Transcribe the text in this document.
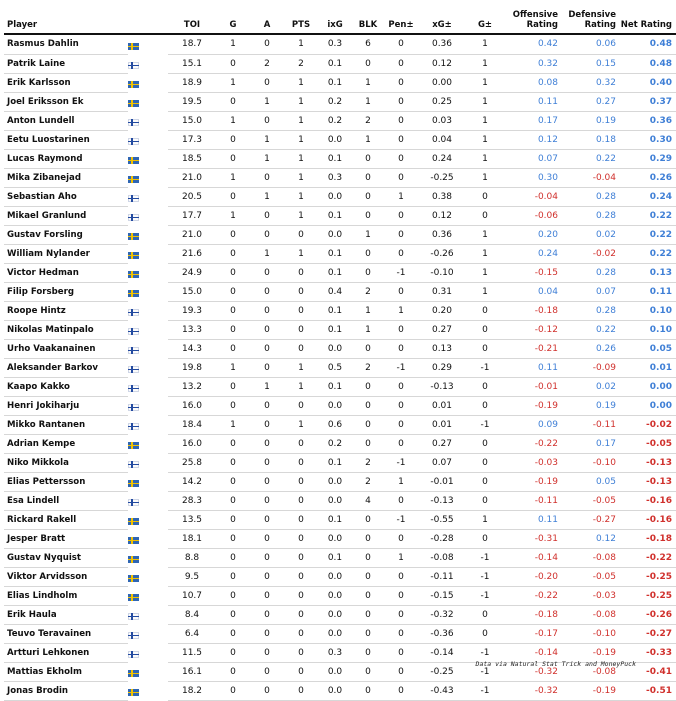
Player		TOI	G	A	PTS	ixG	BLK	Pen±	xG±	G±	Offensive Rating	Defensive Rating	Net Rating
Rasmus Dahlin	18.7	1	0	1	0.3	6	0	0.36	1	0.42	0.06	0.48
Patrik Laine	15.1	0	2	2	0.1	0	0	0.12	1	0.32	0.15	0.48
Erik Karlsson	18.9	1	0	1	0.1	1	0	0.00	1	0.08	0.32	0.40
Joel Eriksson Ek	19.5	0	1	1	0.2	1	0	0.25	1	0.11	0.27	0.37
Anton Lundell	15.0	1	0	1	0.2	2	0	0.03	1	0.17	0.19	0.36
Eetu Luostarinen	17.3	0	1	1	0.0	1	0	0.04	1	0.12	0.18	0.30
Lucas Raymond	18.5	0	1	1	0.1	0	0	0.24	1	0.07	0.22	0.29
Mika Zibanejad	21.0	1	0	1	0.3	0	0	-0.25	1	0.30	-0.04	0.26
Sebastian Aho	20.5	0	1	1	0.0	0	1	0.38	0	-0.04	0.28	0.24
Mikael Granlund	17.7	1	0	1	0.1	0	0	0.12	0	-0.06	0.28	0.22
Gustav Forsling	21.0	0	0	0	0.0	1	0	0.36	1	0.20	0.02	0.22
William Nylander	21.6	0	1	1	0.1	0	0	-0.26	1	0.24	-0.02	0.22
Victor Hedman	24.9	0	0	0	0.1	0	-1	-0.10	1	-0.15	0.28	0.13
Filip Forsberg	15.0	0	0	0	0.4	2	0	0.31	1	0.04	0.07	0.11
Roope Hintz	19.3	0	0	0	0.1	1	1	0.20	0	-0.18	0.28	0.10
Nikolas Matinpalo	13.3	0	0	0	0.1	1	0	0.27	0	-0.12	0.22	0.10
Urho Vaakanainen	14.3	0	0	0	0.0	0	0	0.13	0	-0.21	0.26	0.05
Aleksander Barkov	19.8	1	0	1	0.5	2	-1	0.29	-1	0.11	-0.09	0.01
Kaapo Kakko	13.2	0	1	1	0.1	0	0	-0.13	0	-0.01	0.02	0.00
Henri Jokiharju	16.0	0	0	0	0.0	0	0	0.01	0	-0.19	0.19	0.00
Mikko Rantanen	18.4	1	0	1	0.6	0	0	0.01	-1	0.09	-0.11	-0.02
Adrian Kempe	16.0	0	0	0	0.2	0	0	0.27	0	-0.22	0.17	-0.05
Niko Mikkola	25.8	0	0	0	0.1	2	-1	0.07	0	-0.03	-0.10	-0.13
Elias Pettersson	14.2	0	0	0	0.0	2	1	-0.01	0	-0.19	0.05	-0.13
Esa Lindell	28.3	0	0	0	0.0	4	0	-0.13	0	-0.11	-0.05	-0.16
Rickard Rakell	13.5	0	0	0	0.1	0	-1	-0.55	1	0.11	-0.27	-0.16
Jesper Bratt	18.1	0	0	0	0.0	0	0	-0.28	0	-0.31	0.12	-0.18
Gustav Nyquist	8.8	0	0	0	0.1	0	1	-0.08	-1	-0.14	-0.08	-0.22
Viktor Arvidsson	9.5	0	0	0	0.0	0	0	-0.11	-1	-0.20	-0.05	-0.25
Elias Lindholm	10.7	0	0	0	0.0	0	0	-0.15	-1	-0.22	-0.03	-0.25
Erik Haula	8.4	0	0	0	0.0	0	0	-0.32	0	-0.18	-0.08	-0.26
Teuvo Teravainen	6.4	0	0	0	0.0	0	0	-0.36	0	-0.17	-0.10	-0.27
Artturi Lehkonen	11.5	0	0	0	0.3	0	0	-0.14	-1	-0.14	-0.19	-0.33
Mattias Ekholm	16.1	0	0	0	0.0	0	0	-0.25	-1	-0.32	-0.08	-0.41
Jonas Brodin	18.2	0	0	0	0.0	0	0	-0.43	-1	-0.32	-0.19	-0.51
Data via Natural Stat Trick and MoneyPuck
